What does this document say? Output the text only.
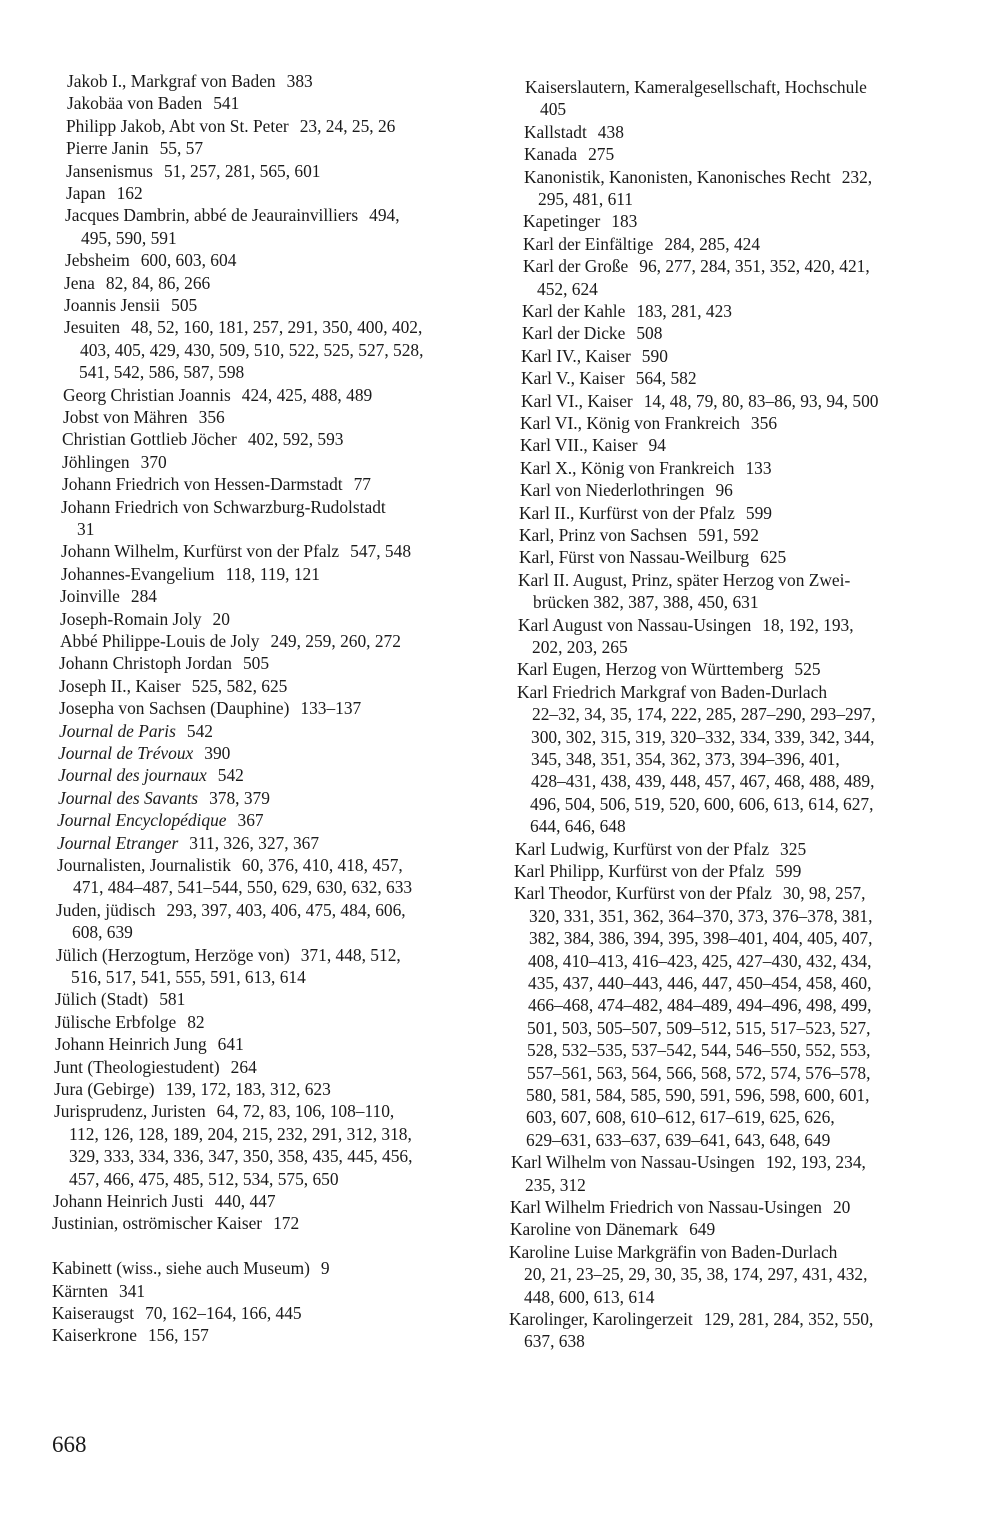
Jakob I., Markgraf von Baden 383
Jakobäa von Baden 541
Philipp Jakob, Abt von St. Peter 23, 24, 25, 26
Pierre Janin 55, 57
Jansenismus 51, 257, 281, 565, 601
Japan 162
Jacques Dambrin, abbé de Jeaurainvilliers 494,
495, 590, 591
Jebsheim 600, 603, 604
Jena 82, 84, 86, 266
Joannis Jensii 505
Jesuiten 48, 52, 160, 181, 257, 291, 350, 400, 402,
403, 405, 429, 430, 509, 510, 522, 525, 527, 528,
541, 542, 586, 587, 598
Georg Christian Joannis 424, 425, 488, 489
Jobst von Mähren 356
Christian Gottlieb Jöcher 402, 592, 593
Jöhlingen 370
Johann Friedrich von Hessen-Darmstadt 77
Johann Friedrich von Schwarzburg-Rudolstadt
31
Johann Wilhelm, Kurfürst von der Pfalz 547, 548
Johannes-Evangelium 118, 119, 121
Joinville 284
Joseph-Romain Joly 20
Abbé Philippe-Louis de Joly 249, 259, 260, 272
Johann Christoph Jordan 505
Joseph II., Kaiser 525, 582, 625
Josepha von Sachsen (Dauphine) 133–137
Journal de Paris 542
Journal de Trévoux 390
Journal des journaux 542
Journal des Savants 378, 379
Journal Encyclopédique 367
Journal Etranger 311, 326, 327, 367
Journalisten, Journalistik 60, 376, 410, 418, 457,
471, 484–487, 541–544, 550, 629, 630, 632, 633
Juden, jüdisch 293, 397, 403, 406, 475, 484, 606,
608, 639
Jülich (Herzogtum, Herzöge von) 371, 448, 512,
516, 517, 541, 555, 591, 613, 614
Jülich (Stadt) 581
Jülische Erbfolge 82
Johann Heinrich Jung 641
Junt (Theologiestudent) 264
Jura (Gebirge) 139, 172, 183, 312, 623
Jurisprudenz, Juristen 64, 72, 83, 106, 108–110,
112, 126, 128, 189, 204, 215, 232, 291, 312, 318,
329, 333, 334, 336, 347, 350, 358, 435, 445, 456,
457, 466, 475, 485, 512, 534, 575, 650
Johann Heinrich Justi 440, 447
Justinian, oströmischer Kaiser 172
Kabinett (wiss., siehe auch Museum) 9
Kärnten 341
Kaiseraugst 70, 162–164, 166, 445
Kaiserkrone 156, 157
Kaiserslautern, Kameralgesellschaft, Hochschule
405
Kallstadt 438
Kanada 275
Kanonistik, Kanonisten, Kanonisches Recht 232,
295, 481, 611
Kapetinger 183
Karl der Einfältige 284, 285, 424
Karl der Große 96, 277, 284, 351, 352, 420, 421,
452, 624
Karl der Kahle 183, 281, 423
Karl der Dicke 508
Karl IV., Kaiser 590
Karl V., Kaiser 564, 582
Karl VI., Kaiser 14, 48, 79, 80, 83–86, 93, 94, 500
Karl VI., König von Frankreich 356
Karl VII., Kaiser 94
Karl X., König von Frankreich 133
Karl von Niederlothringen 96
Karl II., Kurfürst von der Pfalz 599
Karl, Prinz von Sachsen 591, 592
Karl, Fürst von Nassau-Weilburg 625
Karl II. August, Prinz, später Herzog von Zwei-
brücken 382, 387, 388, 450, 631
Karl August von Nassau-Usingen 18, 192, 193,
202, 203, 265
Karl Eugen, Herzog von Württemberg 525
Karl Friedrich Markgraf von Baden-Durlach
22–32, 34, 35, 174, 222, 285, 287–290, 293–297,
300, 302, 315, 319, 320–332, 334, 339, 342, 344,
345, 348, 351, 354, 362, 373, 394–396, 401,
428–431, 438, 439, 448, 457, 467, 468, 488, 489,
496, 504, 506, 519, 520, 600, 606, 613, 614, 627,
644, 646, 648
Karl Ludwig, Kurfürst von der Pfalz 325
Karl Philipp, Kurfürst von der Pfalz 599
Karl Theodor, Kurfürst von der Pfalz 30, 98, 257,
320, 331, 351, 362, 364–370, 373, 376–378, 381,
382, 384, 386, 394, 395, 398–401, 404, 405, 407,
408, 410–413, 416–423, 425, 427–430, 432, 434,
435, 437, 440–443, 446, 447, 450–454, 458, 460,
466–468, 474–482, 484–489, 494–496, 498, 499,
501, 503, 505–507, 509–512, 515, 517–523, 527,
528, 532–535, 537–542, 544, 546–550, 552, 553,
557–561, 563, 564, 566, 568, 572, 574, 576–578,
580, 581, 584, 585, 590, 591, 596, 598, 600, 601,
603, 607, 608, 610–612, 617–619, 625, 626,
629–631, 633–637, 639–641, 643, 648, 649
Karl Wilhelm von Nassau-Usingen 192, 193, 234,
235, 312
Karl Wilhelm Friedrich von Nassau-Usingen 20
Karoline von Dänemark 649
Karoline Luise Markgräfin von Baden-Durlach
20, 21, 23–25, 29, 30, 35, 38, 174, 297, 431, 432,
448, 600, 613, 614
Karolinger, Karolingerzeit 129, 281, 284, 352, 550,
637, 638
668
